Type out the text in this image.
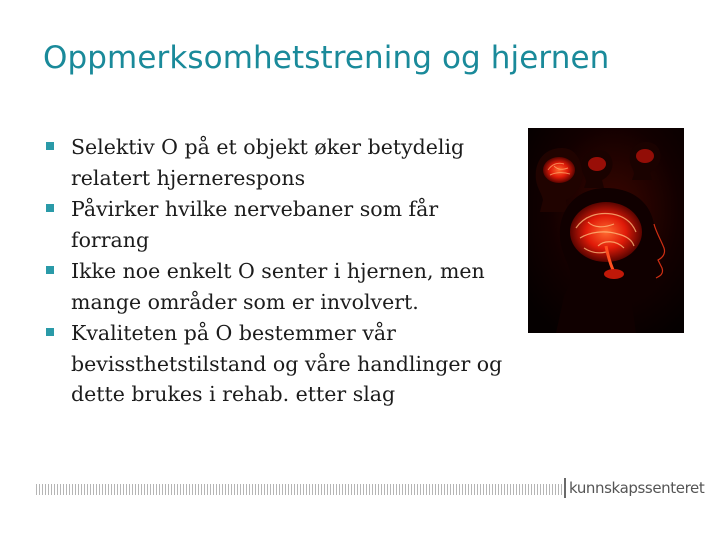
Oppmerksomhetstrening og hjernen
Selektiv O på et objekt øker betydelig relatert hjernerespons
Påvirker hvilke nervebaner som får forrang
Ikke noe enkelt O senter i hjernen, men mange områder som er involvert.
Kvaliteten på O bestemmer vår bevissthetstilstand og våre handlinger og dette brukes i rehab. etter slag
kunnskapssenteret
